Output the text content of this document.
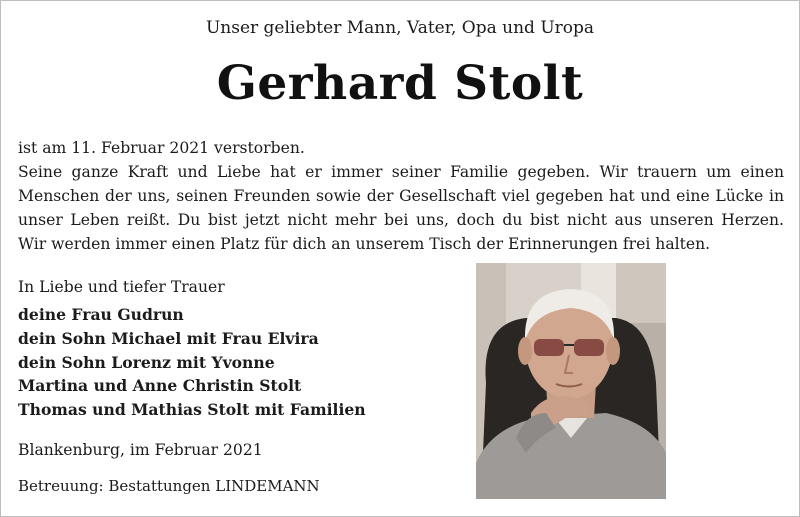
Unser geliebter Mann, Vater, Opa und Uropa
Gerhard Stolt
ist am 11. Februar 2021 verstorben.
Seine ganze Kraft und Liebe hat er immer seiner Familie gegeben. Wir trauern um einen
Menschen der uns, seinen Freunden sowie der Gesellschaft viel gegeben hat und eine Lücke in
unser Leben reißt. Du bist jetzt nicht mehr bei uns, doch du bist nicht aus unseren Herzen.
Wir werden immer einen Platz für dich an unserem Tisch der Erinnerungen frei halten.
In Liebe und tiefer Trauer
deine Frau Gudrun
dein Sohn Michael mit Frau Elvira
dein Sohn Lorenz mit Yvonne
Martina und Anne Christin Stolt
Thomas und Mathias Stolt mit Familien
Blankenburg, im Februar 2021
Betreuung: Bestattungen LINDEMANN
